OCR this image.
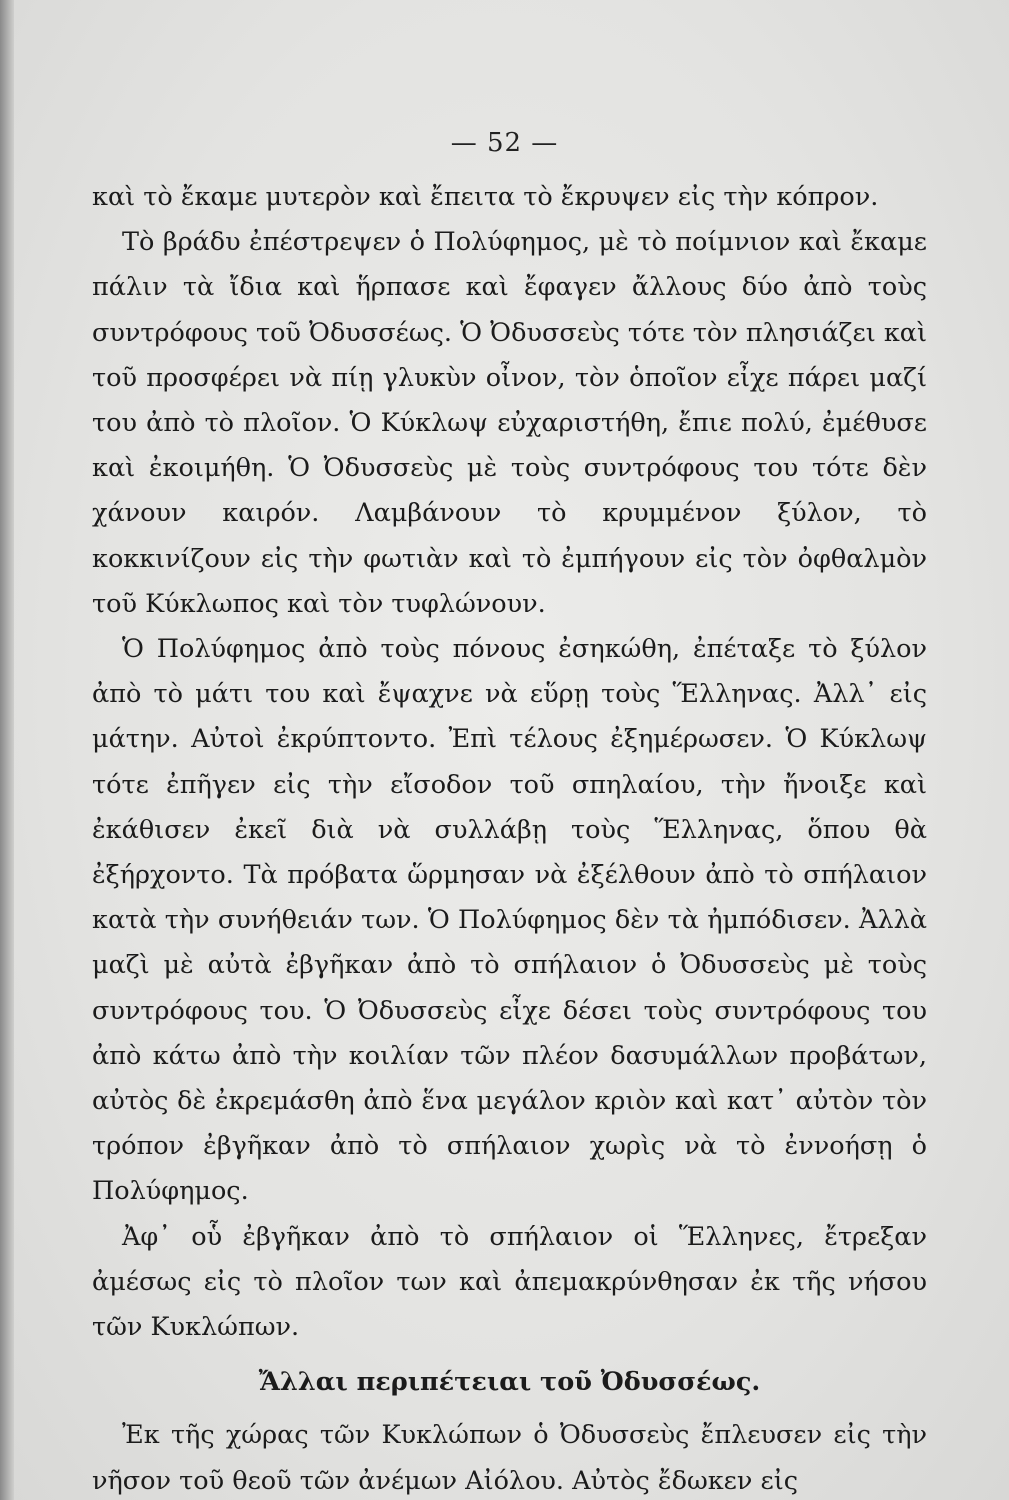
— 52 —

καὶ τὸ ἔκαμε μυτερὸν καὶ ἔπειτα τὸ ἔκρυψεν εἰς τὴν κόπρον.

Τὸ βράδυ ἐπέστρεψεν ὁ Πολύφημος, μὲ τὸ ποίμνιον καὶ ἔκαμε πάλιν τὰ ἴδια καὶ ἥρπασε καὶ ἔφαγεν ἄλλους δύο ἀπὸ τοὺς συντρόφους τοῦ Ὀδυσσέως. Ὁ Ὀδυσσεὺς τότε τὸν πλησιάζει καὶ τοῦ προσφέρει νὰ πίῃ γλυκὺν οἶνον, τὸν ὁποῖον εἶχε πάρει μαζί του ἀπὸ τὸ πλοῖον. Ὁ Κύκλωψ εὐχαριστήθη, ἔπιε πολύ, ἐμέθυσε καὶ ἐκοιμήθη. Ὁ Ὀδυσσεὺς μὲ τοὺς συντρόφους του τότε δὲν χάνουν καιρόν. Λαμβάνουν τὸ κρυμμένον ξύλον, τὸ κοκκινίζουν εἰς τὴν φωτιὰν καὶ τὸ ἐμπήγουν εἰς τὸν ὀφθαλμὸν τοῦ Κύκλωπος καὶ τὸν τυφλώνουν.

Ὁ Πολύφημος ἀπὸ τοὺς πόνους ἐσηκώθη, ἐπέταξε τὸ ξύλον ἀπὸ τὸ μάτι του καὶ ἔψαχνε νὰ εὕρῃ τοὺς Ἕλληνας. Ἀλλ᾽ εἰς μάτην. Αὐτοὶ ἐκρύπτοντο. Ἐπὶ τέλους ἐξημέρωσεν. Ὁ Κύκλωψ τότε ἐπῆγεν εἰς τὴν εἴσοδον τοῦ σπηλαίου, τὴν ἤνοιξε καὶ ἐκάθισεν ἐκεῖ διὰ νὰ συλλάβῃ τοὺς Ἕλληνας, ὅπου θὰ ἐξήρχοντο. Τὰ πρόβατα ὥρμησαν νὰ ἐξέλθουν ἀπὸ τὸ σπήλαιον κατὰ τὴν συνήθειάν των. Ὁ Πολύφημος δὲν τὰ ἠμπόδισεν. Ἀλλὰ μαζὶ μὲ αὐτὰ ἐβγῆκαν ἀπὸ τὸ σπήλαιον ὁ Ὀδυσσεὺς μὲ τοὺς συντρόφους του. Ὁ Ὀδυσσεὺς εἶχε δέσει τοὺς συντρόφους του ἀπὸ κάτω ἀπὸ τὴν κοιλίαν τῶν πλέον δασυμάλλων προβάτων, αὐτὸς δὲ ἐκρεμάσθη ἀπὸ ἕνα μεγάλον κριὸν καὶ κατ᾽ αὐτὸν τὸν τρόπον ἐβγῆκαν ἀπὸ τὸ σπήλαιον χωρὶς νὰ τὸ ἐννοήσῃ ὁ Πολύφημος.

Ἀφ᾽ οὗ ἐβγῆκαν ἀπὸ τὸ σπήλαιον οἱ Ἕλληνες, ἔτρεξαν ἀμέσως εἰς τὸ πλοῖον των καὶ ἀπεμακρύνθησαν ἐκ τῆς νήσου τῶν Κυκλώπων.

Ἄλλαι περιπέτειαι τοῦ Ὀδυσσέως.

Ἐκ τῆς χώρας τῶν Κυκλώπων ὁ Ὀδυσσεὺς ἔπλευσεν εἰς τὴν νῆσον τοῦ θεοῦ τῶν ἀνέμων Αἰόλου. Αὐτὸς ἔδωκεν εἰς
